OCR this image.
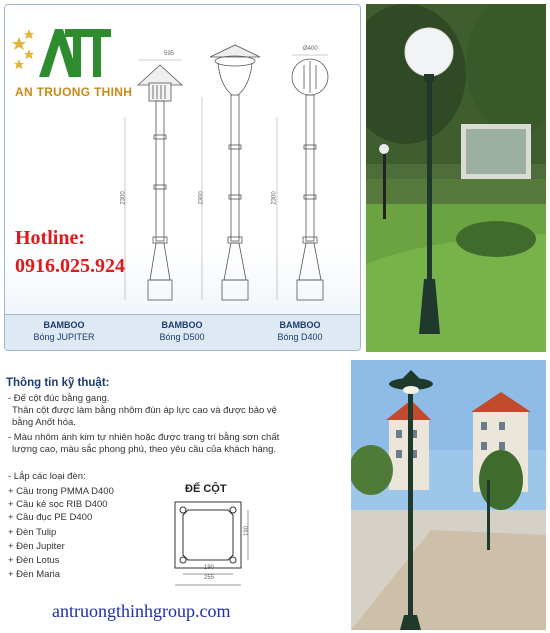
AN TRUONG THINH
Hotline:
0916.025.924
595
Ø400
2300	2300	2300
BAMBOO
Bóng JUPITER
BAMBOO
Bóng D500
BAMBOO
Bóng D400
Thông tin kỹ thuật:
- Đế cột đúc bằng gang.
Thân cột được làm bằng nhôm đùn áp lực cao và được bảo vệ
bằng Anốt hóa.
- Màu nhôm ánh kim tự nhiên hoặc được trang trí bằng sơn chất
lượng cao, màu sắc phong phú, theo yêu cầu của khách hàng.
- Lắp các loại đèn:
+ Cầu trong PMMA D400
+ Cầu kẻ sọc RIB D400
+ Cầu đục PE D400
+ Đèn Tulip
+ Đèn Jupiter
+ Đèn Lotus
+ Đèn Maria
ĐẾ CỘT
190
255
190
antruongthinhgroup.com
